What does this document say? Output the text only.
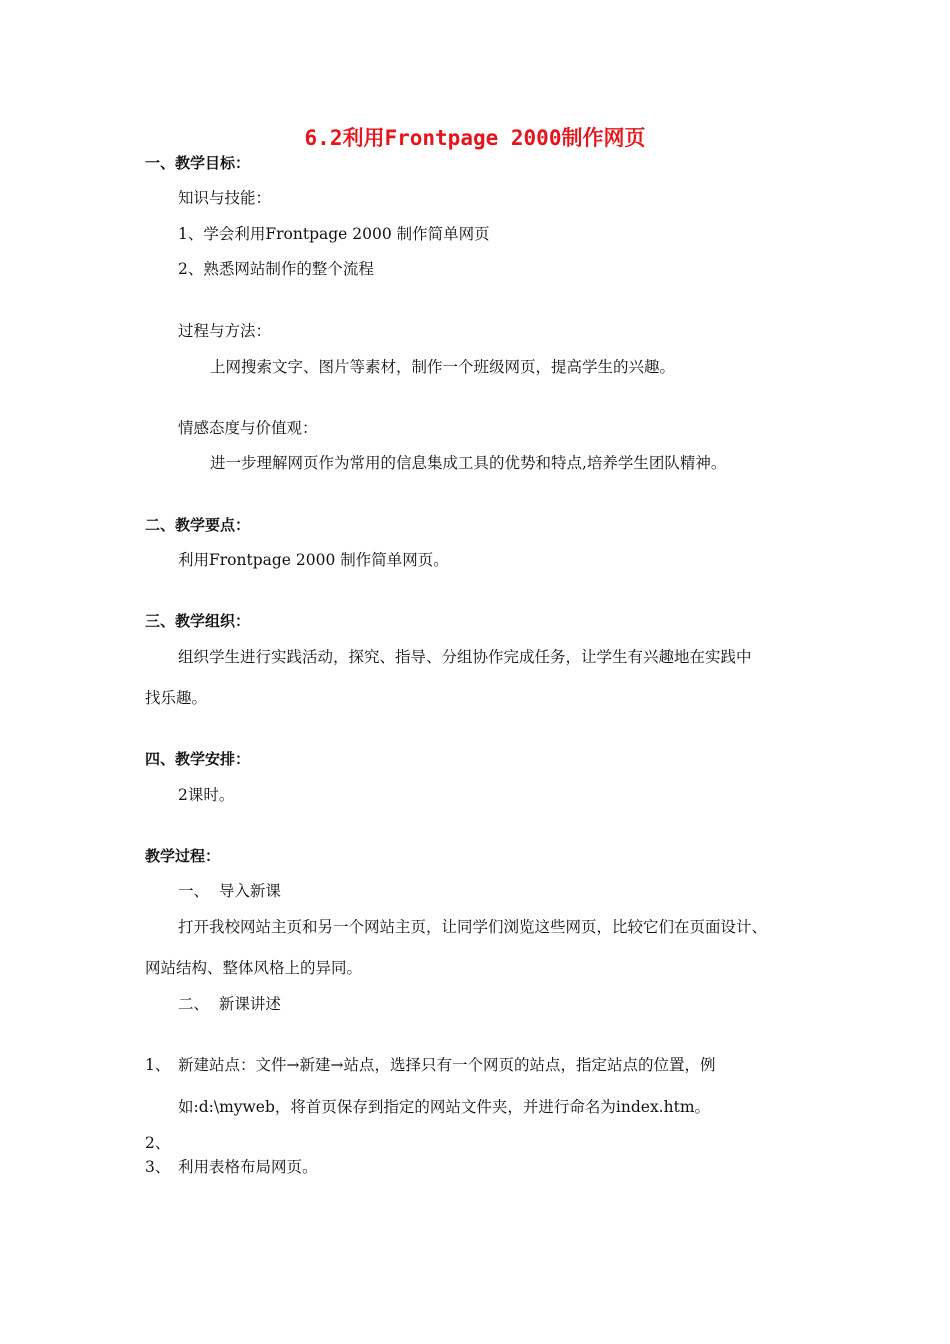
6.2利用Frontpage 2000制作网页
一、教学目标：
知识与技能：
1、学会利用Frontpage 2000 制作简单网页
2、熟悉网站制作的整个流程
过程与方法：
上网搜索文字、图片等素材，制作一个班级网页，提高学生的兴趣。
情感态度与价值观：
进一步理解网页作为常用的信息集成工具的优势和特点,培养学生团队精神。
二、教学要点：
利用Frontpage 2000 制作简单网页。
三、教学组织：
组织学生进行实践活动，探究、指导、分组协作完成任务，让学生有兴趣地在实践中
找乐趣。
四、教学安排：
2课时。
教学过程：
一、  导入新课
打开我校网站主页和另一个网站主页，让同学们浏览这些网页，比较它们在页面设计、
网站结构、整体风格上的异同。
二、  新课讲述
1、 新建站点：文件→新建→站点，选择只有一个网页的站点，指定站点的位置，例
如:d:\myweb，将首页保存到指定的网站文件夹，并进行命名为index.htm。
2、
3、 利用表格布局网页。
